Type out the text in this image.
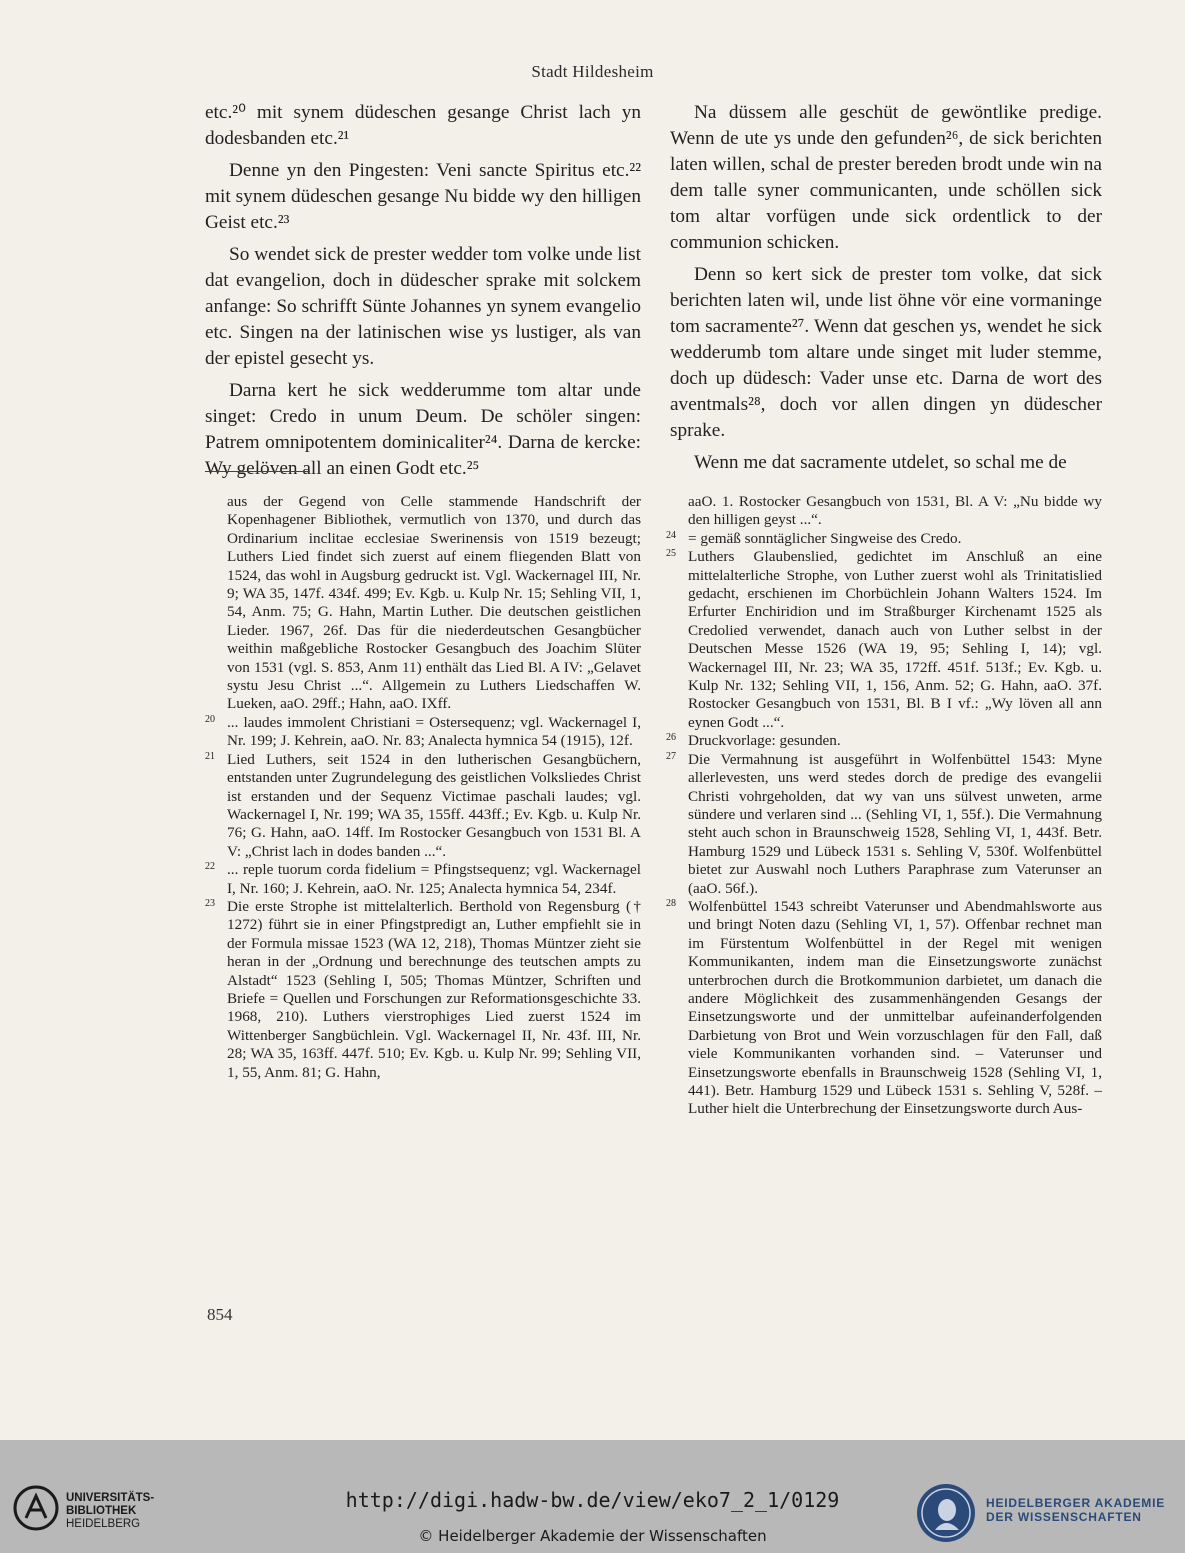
Stadt Hildesheim

etc.²⁰ mit synem düdeschen gesange Christ lach yn dodesbanden etc.²¹

Denne yn den Pingesten: Veni sancte Spiritus etc.²² mit synem düdeschen gesange Nu bidde wy den hilligen Geist etc.²³

So wendet sick de prester wedder tom volke unde list dat evangelion, doch in düdescher sprake mit solckem anfange: So schrifft Sünte Johannes yn synem evangelio etc. Singen na der latinischen wise ys lustiger, als van der epistel gesecht ys.

Darna kert he sick wedderumme tom altar unde singet: Credo in unum Deum. De schöler singen: Patrem omnipotentem dominicaliter²⁴. Darna de kercke: Wy gelöven all an einen Godt etc.²⁵

Na düssem alle geschüt de gewöntlike predige. Wenn de ute ys unde den gefunden²⁶, de sick berichten laten willen, schal de prester bereden brodt unde win na dem talle syner communicanten, unde schöllen sick tom altar vorfügen unde sick ordentlick to der communion schicken.

Denn so kert sick de prester tom volke, dat sick berichten laten wil, unde list öhne vör eine vormaninge tom sacramente²⁷. Wenn dat geschen ys, wendet he sick wedderumb tom altare unde singet mit luder stemme, doch up düdesch: Vader unse etc. Darna de wort des aventmals²⁸, doch vor allen dingen yn düdescher sprake.

Wenn me dat sacramente utdelet, so schal me de

aus der Gegend von Celle stammende Handschrift der Kopenhagener Bibliothek, vermutlich von 1370, und durch das Ordinarium inclitae ecclesiae Swerinensis von 1519 bezeugt; Luthers Lied findet sich zuerst auf einem fliegenden Blatt von 1524, das wohl in Augsburg gedruckt ist. Vgl. Wackernagel III, Nr. 9; WA 35, 147f. 434f. 499; Ev. Kgb. u. Kulp Nr. 15; Sehling VII, 1, 54, Anm. 75; G. Hahn, Martin Luther. Die deutschen geistlichen Lieder. 1967, 26f. Das für die niederdeutschen Gesangbücher weithin maßgebliche Rostocker Gesangbuch des Joachim Slüter von 1531 (vgl. S. 853, Anm 11) enthält das Lied Bl. A IV: „Gelavet systu Jesu Christ ...“. Allgemein zu Luthers Liedschaffen W. Lueken, aaO. 29ff.; Hahn, aaO. IXff.
20 ... laudes immolent Christiani = Ostersequenz; vgl. Wackernagel I, Nr. 199; J. Kehrein, aaO. Nr. 83; Analecta hymnica 54 (1915), 12f.
21 Lied Luthers, seit 1524 in den lutherischen Gesangbüchern, entstanden unter Zugrundelegung des geistlichen Volksliedes Christ ist erstanden und der Sequenz Victimae paschali laudes; vgl. Wackernagel I, Nr. 199; WA 35, 155ff. 443ff.; Ev. Kgb. u. Kulp Nr. 76; G. Hahn, aaO. 14ff. Im Rostocker Gesangbuch von 1531 Bl. A V: „Christ lach in dodes banden ...“.
22 ... reple tuorum corda fidelium = Pfingstsequenz; vgl. Wackernagel I, Nr. 160; J. Kehrein, aaO. Nr. 125; Analecta hymnica 54, 234f.
23 Die erste Strophe ist mittelalterlich. Berthold von Regensburg († 1272) führt sie in einer Pfingstpredigt an, Luther empfiehlt sie in der Formula missae 1523 (WA 12, 218), Thomas Müntzer zieht sie heran in der „Ordnung und berechnunge des teutschen ampts zu Alstadt“ 1523 (Sehling I, 505; Thomas Müntzer, Schriften und Briefe = Quellen und Forschungen zur Reformationsgeschichte 33. 1968, 210). Luthers vierstrophiges Lied zuerst 1524 im Wittenberger Sangbüchlein. Vgl. Wackernagel II, Nr. 43f. III, Nr. 28; WA 35, 163ff. 447f. 510; Ev. Kgb. u. Kulp Nr. 99; Sehling VII, 1, 55, Anm. 81; G. Hahn,
aaO. 1. Rostocker Gesangbuch von 1531, Bl. A V: „Nu bidde wy den hilligen geyst ...“.
24 = gemäß sonntäglicher Singweise des Credo.
25 Luthers Glaubenslied, gedichtet im Anschluß an eine mittelalterliche Strophe, von Luther zuerst wohl als Trinitatislied gedacht, erschienen im Chorbüchlein Johann Walters 1524. Im Erfurter Enchiridion und im Straßburger Kirchenamt 1525 als Credolied verwendet, danach auch von Luther selbst in der Deutschen Messe 1526 (WA 19, 95; Sehling I, 14); vgl. Wackernagel III, Nr. 23; WA 35, 172ff. 451f. 513f.; Ev. Kgb. u. Kulp Nr. 132; Sehling VII, 1, 156, Anm. 52; G. Hahn, aaO. 37f. Rostocker Gesangbuch von 1531, Bl. B I vf.: „Wy löven all ann eynen Godt ...“.
26 Druckvorlage: gesunden.
27 Die Vermahnung ist ausgeführt in Wolfenbüttel 1543: Myne allerlevesten, uns werd stedes dorch de predige des evangelii Christi vohrgeholden, dat wy van uns sülvest unweten, arme sündere und verlaren sind ... (Sehling VI, 1, 55f.). Die Vermahnung steht auch schon in Braunschweig 1528, Sehling VI, 1, 443f. Betr. Hamburg 1529 und Lübeck 1531 s. Sehling V, 530f. Wolfenbüttel bietet zur Auswahl noch Luthers Paraphrase zum Vaterunser an (aaO. 56f.).
28 Wolfenbüttel 1543 schreibt Vaterunser und Abendmahlsworte aus und bringt Noten dazu (Sehling VI, 1, 57). Offenbar rechnet man im Fürstentum Wolfenbüttel in der Regel mit wenigen Kommunikanten, indem man die Einsetzungsworte zunächst unterbrochen durch die Brotkommunion darbietet, um danach die andere Möglichkeit des zusammenhängenden Gesangs der Einsetzungsworte und der unmittelbar aufeinanderfolgenden Darbietung von Brot und Wein vorzuschlagen für den Fall, daß viele Kommunikanten vorhanden sind. – Vaterunser und Einsetzungsworte ebenfalls in Braunschweig 1528 (Sehling VI, 1, 441). Betr. Hamburg 1529 und Lübeck 1531 s. Sehling V, 528f. – Luther hielt die Unterbrechung der Einsetzungsworte durch Aus-
854
UNIVERSITÄTS-
BIBLIOTHEK
HEIDELBERG
http://digi.hadw-bw.de/view/eko7_2_1/0129
© Heidelberger Akademie der Wissenschaften
HEIDELBERGER AKADEMIE
DER WISSENSCHAFTEN
